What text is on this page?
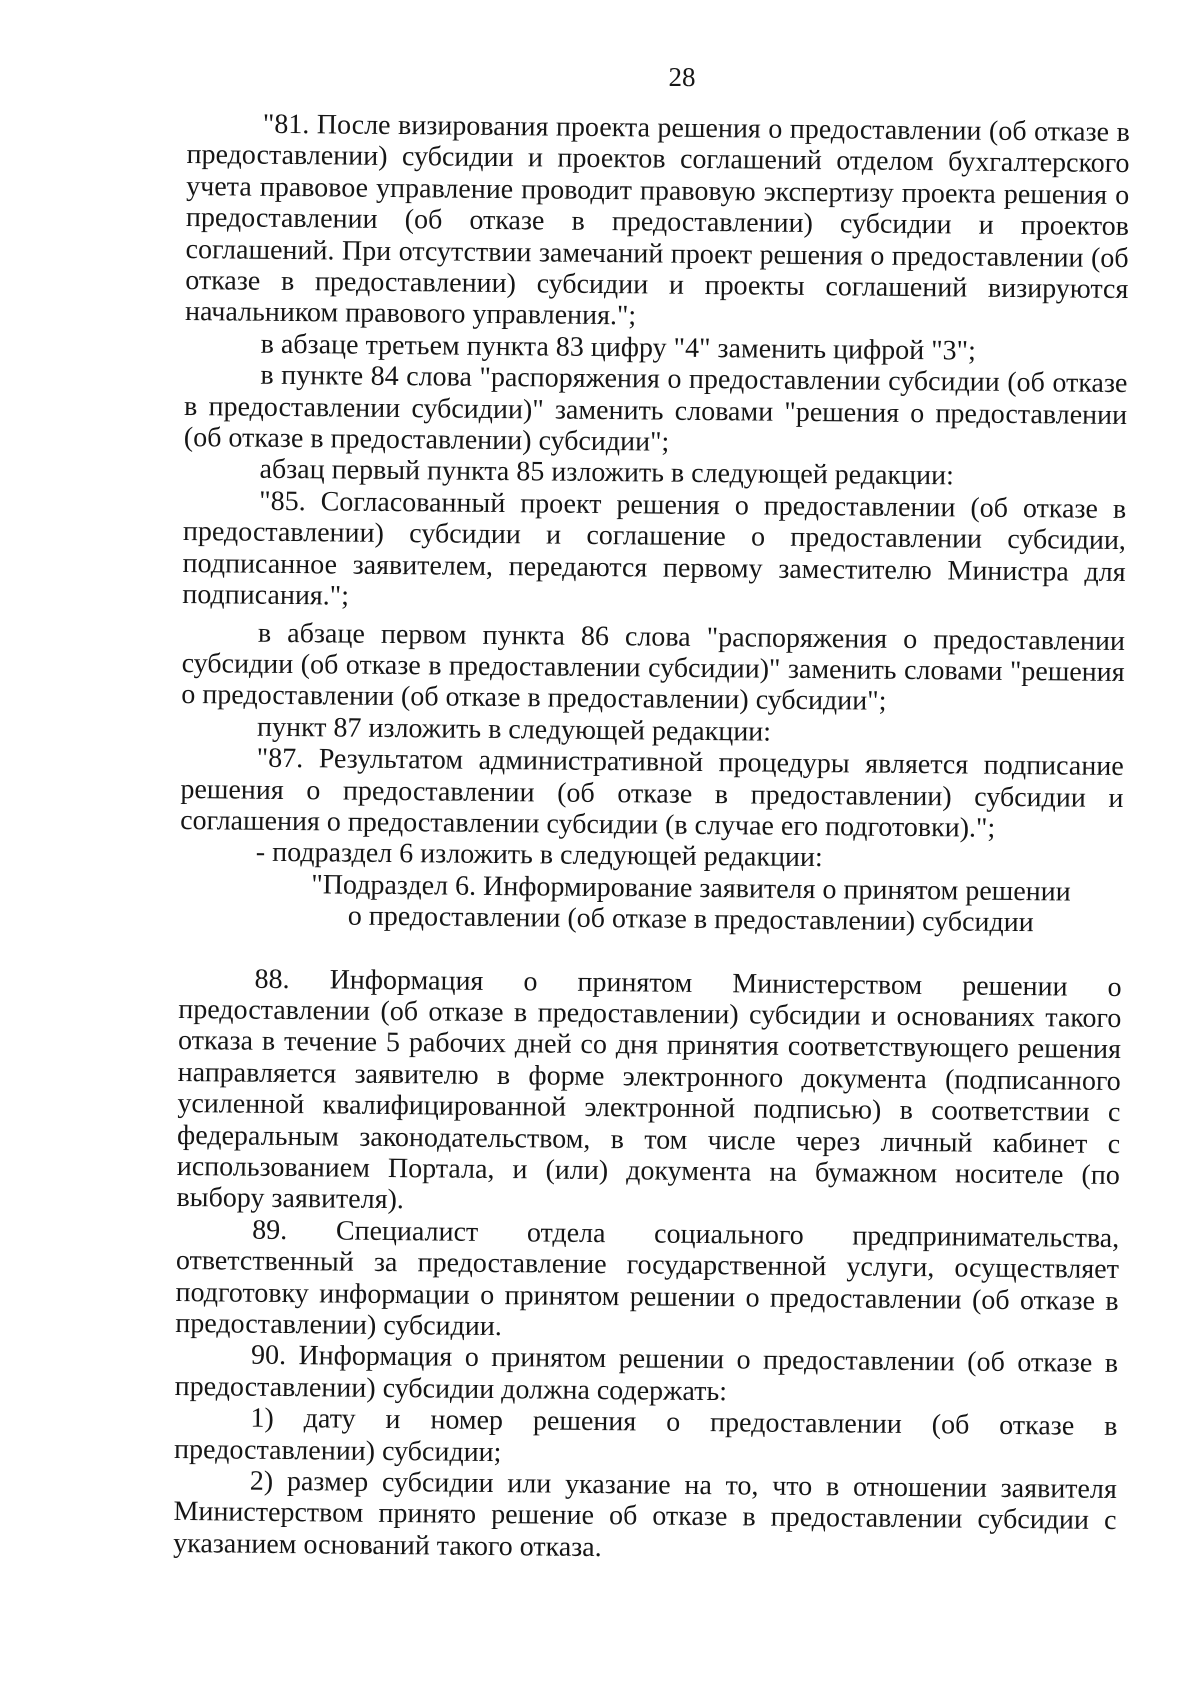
28

"81. После визирования проекта решения о предоставлении (об отказе в предоставлении) субсидии и проектов соглашений отделом бухгалтерского учета правовое управление проводит правовую экспертизу проекта решения о предоставлении (об отказе в предоставлении) субсидии и проектов соглашений. При отсутствии замечаний проект решения о предоставлении (об отказе в предоставлении) субсидии и проекты соглашений визируются начальником правового управления.";

в абзаце третьем пункта 83 цифру "4" заменить цифрой "3";

в пункте 84 слова "распоряжения о предоставлении субсидии (об отказе в предоставлении субсидии)" заменить словами "решения о предоставлении (об отказе в предоставлении) субсидии";

абзац первый пункта 85 изложить в следующей редакции:

"85. Согласованный проект решения о предоставлении (об отказе в предоставлении) субсидии и соглашение о предоставлении субсидии, подписанное заявителем, передаются первому заместителю Министра для подписания.";

в абзаце первом пункта 86 слова "распоряжения о предоставлении субсидии (об отказе в предоставлении субсидии)" заменить словами "решения о предоставлении (об отказе в предоставлении) субсидии";

пункт 87 изложить в следующей редакции:

"87. Результатом административной процедуры является подписание решения о предоставлении (об отказе в предоставлении) субсидии и соглашения о предоставлении субсидии (в случае его подготовки).";

- подраздел 6 изложить в следующей редакции:

"Подраздел 6. Информирование заявителя о принятом решении

о предоставлении (об отказе в предоставлении) субсидии

88. Информация о принятом Министерством решении о предоставлении (об отказе в предоставлении) субсидии и основаниях такого отказа в течение 5 рабочих дней со дня принятия соответствующего решения направляется заявителю в форме электронного документа (подписанного усиленной квалифицированной электронной подписью) в соответствии с федеральным законодательством, в том числе через личный кабинет с использованием Портала, и (или) документа на бумажном носителе (по выбору заявителя).

89. Специалист отдела социального предпринимательства, ответственный за предоставление государственной услуги, осуществляет подготовку информации о принятом решении о предоставлении (об отказе в предоставлении) субсидии.

90. Информация о принятом решении о предоставлении (об отказе в предоставлении) субсидии должна содержать:

1) дату и номер решения о предоставлении (об отказе в предоставлении) субсидии;

2) размер субсидии или указание на то, что в отношении заявителя Министерством принято решение об отказе в предоставлении субсидии с указанием оснований такого отказа.
